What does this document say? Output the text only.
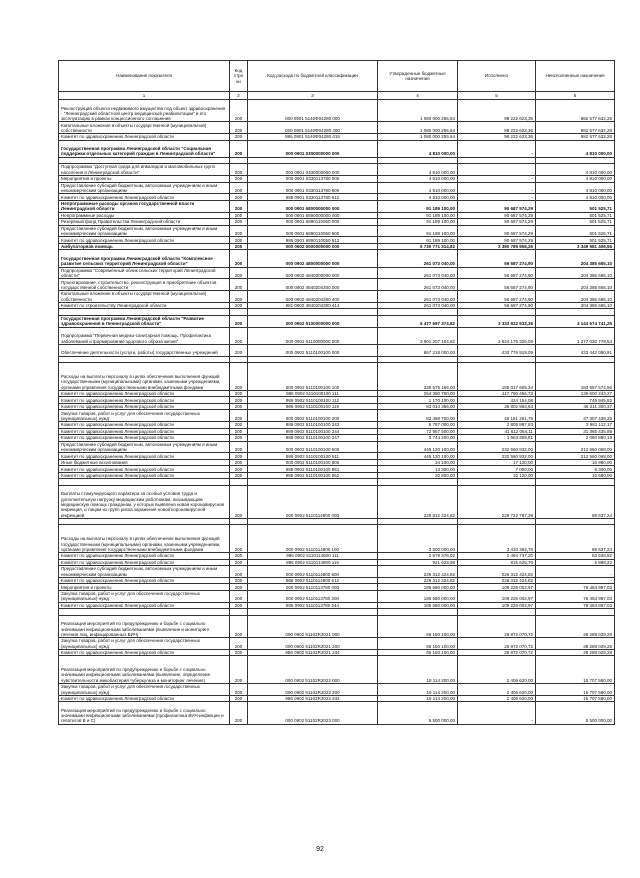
Наименование показателя	Код стро ки	Код расхода по бюджетной классификации	Утвержденные бюджетные назначения	Исполнено	Неисполненные назначения
1	2	3	4	5	6
Реконструкция объекта недвижимого имущества под объект здравоохранения - "Ленинградский областной центр медицинской реабилитации" и его эксплуатацию в рамках концессионного соглашения	200	000 0901 5140Ф04280 000	1 080 000 255,64	98 222 623,36	982 577 632,28
Капитальные вложения в объекты государственной (муниципальной) собственности	200	000 0901 5140Ф04280 400	1 080 000 255,64	98 222 623,36	982 577 632,28
Комитет по здравоохранению Ленинградской области	200	986 0901 5140Ф04280 415	1 080 000 255,64	98 222 623,36	982 577 632,28
Государственная программа Ленинградской области "Социальная поддержка отдельных категорий граждан в Ленинградской области"	200	000 0901 0300000000 000	4 810 000,00	-	4 810 000,00

Подпрограмма "Доступная среда для инвалидов и маломобильных групп населения в Ленинградской области"	200	000 0901 0330000000 000	4 810 000,00	-	4 810 000,00
Мероприятия и проекты	200	000 0901 0330113780 000	4 810 000,00	-	4 810 000,00
Предоставление субсидий бюджетным, автономным учреждениям и иным некоммерческим организациям	200	000 0901 0330113780 600	4 810 000,00	-	4 810 000,00
Комитет по здравоохранению Ленинградской области	200	986 0901 0330113780 612	4 810 000,00	-	4 810 000,00
Непрограммные расходы органов государственной власти Ленинградской области	200	000 0901 6800000000 000	91 189 100,00	90 687 574,29	501 525,71
Непрограммные расходы	200	000 0901 6890000000 000	91 189 100,00	90 687 574,29	501 525,71
Резервный фонд Правительства Ленинградской области	200	000 0901 6890110050 000	91 189 100,00	90 687 574,29	501 525,71
Предоставление субсидий бюджетным, автономным учреждениям и иным некоммерческим организациям	200	000 0901 6890110050 600	91 189 100,00	90 687 574,29	501 525,71
Комитет по здравоохранению Ленинградской области	200	986 0901 6890110050 612	91 189 100,00	90 687 574,29	501 525,71
Амбулаторная помощь	200	000 0902 0000000000 000	6 730 771 314,82	3 380 789 908,26	3 349 981 406,56
Государственная программа Ленинградской области "Комплексное развитие сельских территорий Ленинградской области"	200	000 0902 4800000000 000	261 073 040,00	56 687 274,90	204 385 665,10
Подпрограмма "Современный облик сельских территорий Ленинградской области"	200	000 0902 4840000000 000	261 073 040,00	56 687 274,90	204 385 665,10
Проектирование, строительство, реконструкция и приобретение объектов государственной собственности	200	000 0902 4840204300 000	261 073 040,00	56 687 274,90	204 385 665,10
Капитальные вложения в объекты государственной (муниципальной) собственности	200	000 0902 4840204300 400	261 073 040,00	56 687 274,90	204 385 665,10
Комитет по строительству Ленинградской области	200	981 0902 4840204300 414	261 073 040,00	56 687 274,90	204 385 665,10

Государственная программа Ленинградской области "Развитие здравоохранения в Ленинградской области"	200	000 0902 5100000000 000	6 477 697 374,82	3 333 922 633,36	3 144 674 741,26
Подпрограмма "Первичная медико-санитарная помощь. Профилактика заболеваний и формирование здорового образа жизни"	200	000 0902 5110000000 000	3 901 207 104,82	2 624 176 326,08	1 277 030 778,54
Обеспечение деятельности (услуги, работы) государственных учреждений	200	000 0902 5110100100 000	867 218 000,00	433 776 919,09	433 442 080,91

Расходы на выплаты персоналу в целях обеспечения выполнения функций государственными (муниципальными) органами, казенными учреждениями, органами управления государственными внебюджетными фондами	200	000 0902 5110100100 100	338 575 166,00	155 017 605,34	183 557 574,66
Комитет по здравоохранению Ленинградской области	200	986 0902 5110100100 111	254 390 700,00	117 790 456,73	136 600 243,27
Комитет по здравоохранению Ленинградской области	200	986 0902 5110100100 112	1 170 100,00	424 154,08	745 945,92
Комитет по здравоохранению Ленинградской области	200	986 0902 5110100100 119	83 014 366,00	36 802 993,63	46 211 300,37
Закупка товаров, работ и услуг для обеспечения государственных (муниципальных) нужд	200	000 0902 5110100100 200	83 488 700,00	46 181 261,75	37 307 438,25
Комитет по здравоохранению Ленинградской области	200	986 0902 5110100100 242	6 787 000,00	2 805 887,83	3 981 112,17
Комитет по здравоохранению Ленинградской области	200	986 0902 5110100100 244	72 957 500,00	41 612 064,11	31 365 435,89
Комитет по здравоохранению Ленинградской области	200	986 0902 5110100100 247	3 744 200,00	1 663 309,81	2 080 890,19
Предоставление субсидий бюджетным, автономным учреждениям и иным некоммерческим организациям	200	000 0902 5110100100 600	445 120 100,00	232 560 932,00	212 560 068,00
Комитет по здравоохранению Ленинградской области	200	986 0902 5110100100 611	445 120 100,00	232 560 932,00	212 560 068,00
Иные бюджетные ассигнования	200	000 0902 5110100100 800	34 100,00	17 120,00	16 980,00
Комитет по здравоохранению Ленинградской области	200	986 0902 5110100100 851	13 300,00	7 000,00	6 300,00
Комитет по здравоохранению Ленинградской области	200	986 0902 5110100100 852	20 800,00	10 120,00	10 680,00

Выплаты стимулирующего характера за особые условия труда и дополнительную нагрузку медицинским работникам, оказывающим медицинскую помощь гражданам, у которых выявлена новая коронавирусная инфекция, и лицам из групп риска заражения новой коронавирусной инфекцией	200	000 0902 5110114800 000	229 812 424,82	229 722 787,38	89 637,24

Расходы на выплаты персоналу в целях обеспечения выполнения функций государственными (муниципальными) органами, казенными учреждениями, органами управления государственными внебюджетными фондами	200	000 0902 5110114800 100	3 500 000,00	3 410 362,76	89 637,24
Комитет по здравоохранению Ленинградской области	200	986 0902 5110114800 111	2 578 376,02	2 494 737,20	83 638,82
Комитет по здравоохранению Ленинградской области	200	986 0902 5110114800 119	921 623,98	915 625,76	5 998,22
Предоставление субсидий бюджетным, автономным учреждениям и иным некоммерческим организациям	200	000 0902 5110114800 600	226 312 424,82	226 312 424,82	-
Комитет по здравоохранению Ленинградской области	200	986 0902 5110114800 612	226 312 424,82	226 312 424,82	-
Мероприятия и проекты	200	000 0902 5110113780 000	185 680 000,00	109 226 002,97	76 453 997,03
Закупка товаров, работ и услуг для обеспечения государственных (муниципальных) нужд	200	000 0902 5110113780 200	185 680 000,00	109 226 002,97	76 453 997,03
Комитет по здравоохранению Ленинградской области	200	986 0902 5110113780 244	185 680 000,00	109 226 002,97	76 453 997,03

Реализация мероприятий по предупреждению и борьбе с социально значимыми инфекционными заболеваниями (выявление и мониторинг лечения лиц, инфицированных ВИЧ)	200	000 0902 51102R2021 000	65 160 100,00	26 872 070,72	38 288 029,28
Закупка товаров, работ и услуг для обеспечения государственных (муниципальных) нужд	200	000 0902 51102R2021 200	65 160 100,00	26 872 070,72	38 288 029,28
Комитет по здравоохранению Ленинградской области	200	986 0902 51102R2021 244	65 160 100,00	26 872 070,72	38 288 029,28
Реализация мероприятий по предупреждению и борьбе с социально значимыми инфекционными заболеваниями (выявление, определение чувствительности микобактерий туберкулеза и мониторинг лечения)	200	000 0902 51102R2022 000	18 114 200,00	2 406 620,00	15 707 580,00
Закупка товаров, работ и услуг для обеспечения государственных (муниципальных) нужд	200	000 0902 51102R2022 200	18 114 200,00	2 406 620,00	15 707 580,00
Комитет по здравоохранению Ленинградской области	200	986 0902 51102R2022 244	18 114 200,00	2 406 620,00	15 707 580,00
Реализация мероприятий по предупреждению и борьбе с социально значимыми инфекционными заболеваниями (профилактика ВИЧ-инфекции и гепатитов B и C)	200	000 0902 51102R2023 000	5 500 000,00	-	5 500 000,00
92
